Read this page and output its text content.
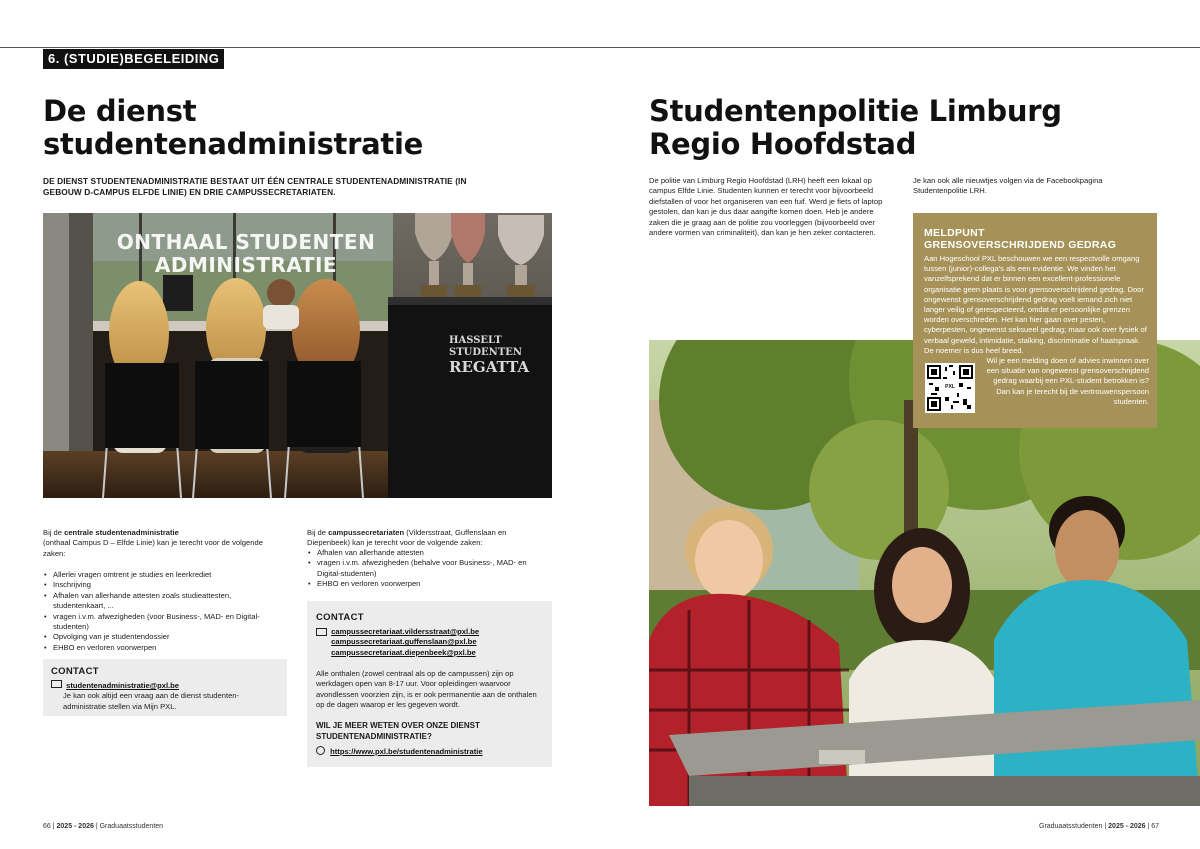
6. (STUDIE)BEGELEIDING
De dienst
studentenadministratie
DE DIENST STUDENTENADMINISTRATIE BESTAAT UIT ÉÉN CENTRALE STUDENTENADMINISTRATIE (IN GEBOUW D-CAMPUS ELFDE LINIE) EN DRIE CAMPUSSECRETARIATEN.
ONTHAAL STUDENTEN
ADMINISTRATIE
HASSELT
STUDENTEN
REGATTA
Bij de centrale studentenadministratie
(onthaal Campus D – Elfde Linie) kan je terecht voor de volgende zaken:
• Allerlei vragen omtrent je studies en leerkrediet
• Inschrijving
• Afhalen van allerhande attesten zoals studieattesten, studentenkaart, ...
• vragen i.v.m. afwezigheden (voor Business-, MAD- en Digital-studenten)
• Opvolging van je studentendossier
• EHBO en verloren voorwerpen
CONTACT
studentenadministratie@pxl.be
Je kan ook altijd een vraag aan de dienst studenten-administratie stellen via Mijn PXL.
Bij de campussecretariaten (Vildersstraat, Guffenslaan en Diepenbeek) kan je terecht voor de volgende zaken:
• Afhalen van allerhande attesten
• vragen i.v.m. afwezigheden (behalve voor Business-, MAD- en Digital-studenten)
• EHBO en verloren voorwerpen
CONTACT

campussecretariaat.vildersstraat@pxl.be
campussecretariaat.guffenslaan@pxl.be
campussecretariaat.diepenbeek@pxl.be
Alle onthalen (zowel centraal als op de campussen) zijn op werkdagen open van 8-17 uur. Voor opleidingen waarvoor avondlessen voorzien zijn, is er ook permanentie aan de onthalen op de dagen waarop er les gegeven wordt.
WIL JE MEER WETEN OVER ONZE DIENST STUDENTENADMINISTRATIE?
https://www.pxl.be/studentenadministratie
66 | 2025 - 2026 | Graduaatsstudenten
Studentenpolitie Limburg
Regio Hoofdstad
De politie van Limburg Regio Hoofdstad (LRH) heeft een lokaal op campus Elfde Linie. Studenten kunnen er terecht voor bijvoorbeeld diefstallen of voor het organiseren van een fuif. Werd je fiets of laptop gestolen, dan kan je dus daar aangifte komen doen. Heb je andere zaken die je graag aan de politie zou voorleggen (bijvoorbeeld over andere vormen van criminaliteit), dan kan je hen zeker contacteren.
Je kan ook alle nieuwtjes volgen via de Facebookpagina Studentenpolitie LRH.
MELDPUNT
GRENSOVERSCHRIJDEND GEDRAG
Aan Hogeschool PXL beschouwen we een respectvolle omgang tussen (junior)-collega's als een evidentie. We vinden het vanzelfsprekend dat er binnen een excellent-professionele organisatie geen plaats is voor grensoverschrijdend gedrag. Door ongewenst grensoverschrijdend gedrag voelt iemand zich niet langer veilig of gerespecteerd, omdat er persoonlijke grenzen worden overschreden. Het kan hier gaan over pesten, cyberpesten, ongewenst seksueel gedrag; maar ook over fysiek of verbaal geweld, intimidatie, stalking, discriminatie of haatspraak. De noemer is dus heel breed.
PXL
Wil je een melding doen of advies inwinnen over een situatie van ongewenst grensoverschrijdend gedrag waarbij een PXL-student betrokken is? Dan kan je terecht bij de vertrouwenspersoon studenten.
Graduaatsstudenten | 2025 - 2026 | 67
